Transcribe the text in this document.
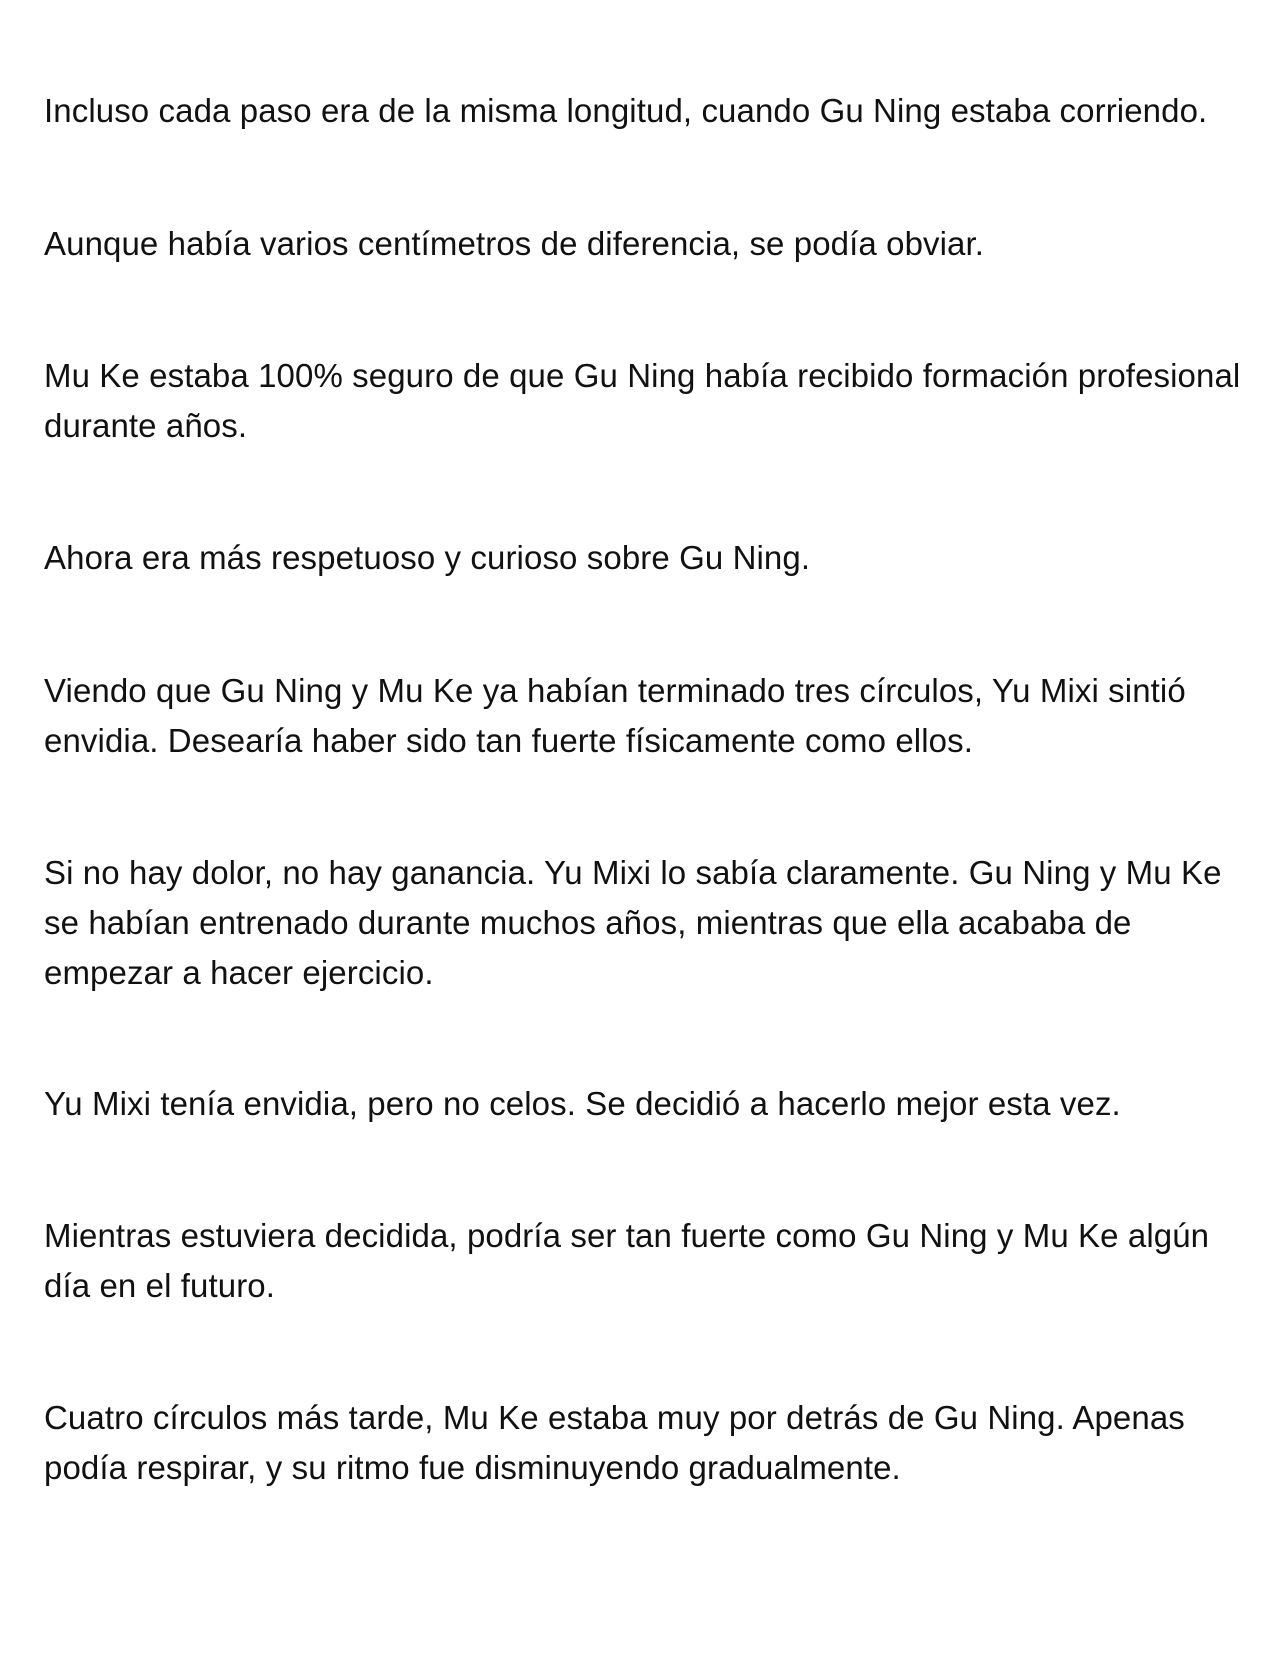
Incluso cada paso era de la misma longitud, cuando Gu Ning estaba corriendo.

Aunque había varios centímetros de diferencia, se podía obviar.

Mu Ke estaba 100% seguro de que Gu Ning había recibido formación profesional durante años.

Ahora era más respetuoso y curioso sobre Gu Ning.

Viendo que Gu Ning y Mu Ke ya habían terminado tres círculos, Yu Mixi sintió envidia. Desearía haber sido tan fuerte físicamente como ellos.

Si no hay dolor, no hay ganancia. Yu Mixi lo sabía claramente. Gu Ning y Mu Ke se habían entrenado durante muchos años, mientras que ella acababa de empezar a hacer ejercicio.

Yu Mixi tenía envidia, pero no celos. Se decidió a hacerlo mejor esta vez.

Mientras estuviera decidida, podría ser tan fuerte como Gu Ning y Mu Ke algún día en el futuro.

Cuatro círculos más tarde, Mu Ke estaba muy por detrás de Gu Ning. Apenas podía respirar, y su ritmo fue disminuyendo gradualmente.
